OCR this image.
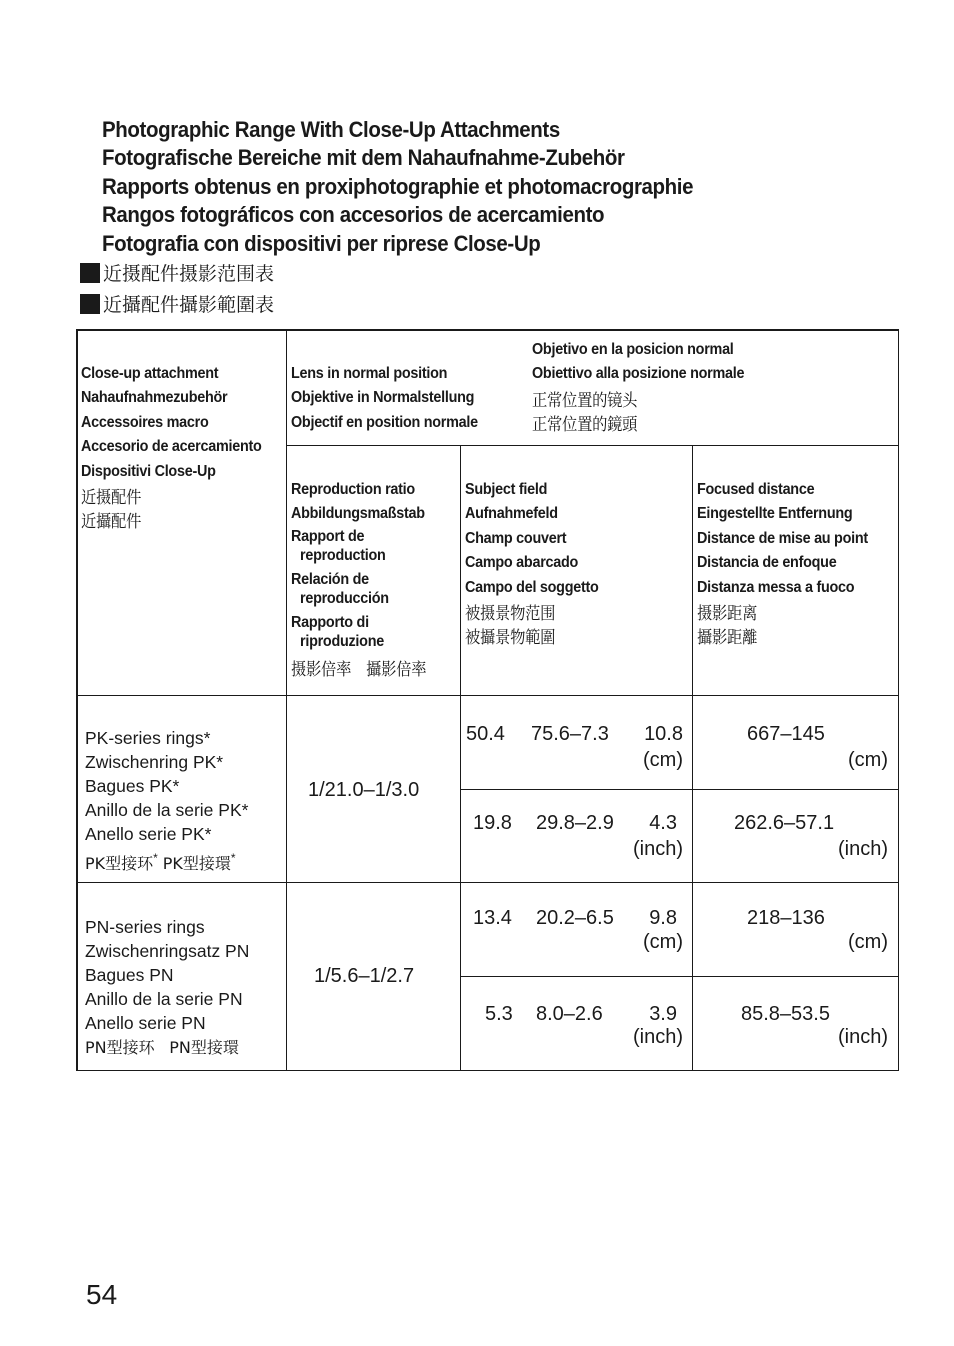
Photographic Range With Close-Up Attachments
Fotografische Bereiche mit dem Nahaufnahme-Zubehör
Rapports obtenus en proxiphotographie et photomacrographie
Rangos fotográficos con accesorios de acercamiento
Fotografia con dispositivi per riprese Close-Up
近摄配件摄影范围表
近攝配件攝影範圍表
Close-up attachment
Nahaufnahmezubehör
Accessoires macro
Accesorio de acercamiento
Dispositivi Close-Up
近摄配件
近攝配件
Lens in normal position
Objektive in Normalstellung
Objectif en position normale
Objetivo en la posicion normal
Obiettivo alla posizione normale
正常位置的镜头
正常位置的鏡頭
Reproduction ratio
Abbildungsmaßstab
Rapport de
reproduction
Relación de
reproducción
Rapporto di
riproduzione
摄影倍率　攝影倍率
Subject field
Aufnahmefeld
Champ couvert
Campo abarcado
Campo del soggetto
被摄景物范围
被攝景物範圍
Focused distance
Eingestellte Entfernung
Distance de mise au point
Distancia de enfoque
Distanza messa a fuoco
摄影距离
攝影距離
PK-series rings*
Zwischenring PK*
Bagues PK*
Anillo de la serie PK*
Anello serie PK*
PK型接环* PK型接環*
1/21.0–1/3.0
50.4 75.6–7.3 10.8
(cm)
667–145
(cm)
19.8 29.8–2.9 4.3
(inch)
262.6–57.1
(inch)
PN-series rings
Zwischenringsatz PN
Bagues PN
Anillo de la serie PN
Anello serie PN
PN型接环 PN型接環
1/5.6–1/2.7
13.4 20.2–6.5 9.8
(cm)
218–136
(cm)
5.3 8.0–2.6 3.9
(inch)
85.8–53.5
(inch)
54
